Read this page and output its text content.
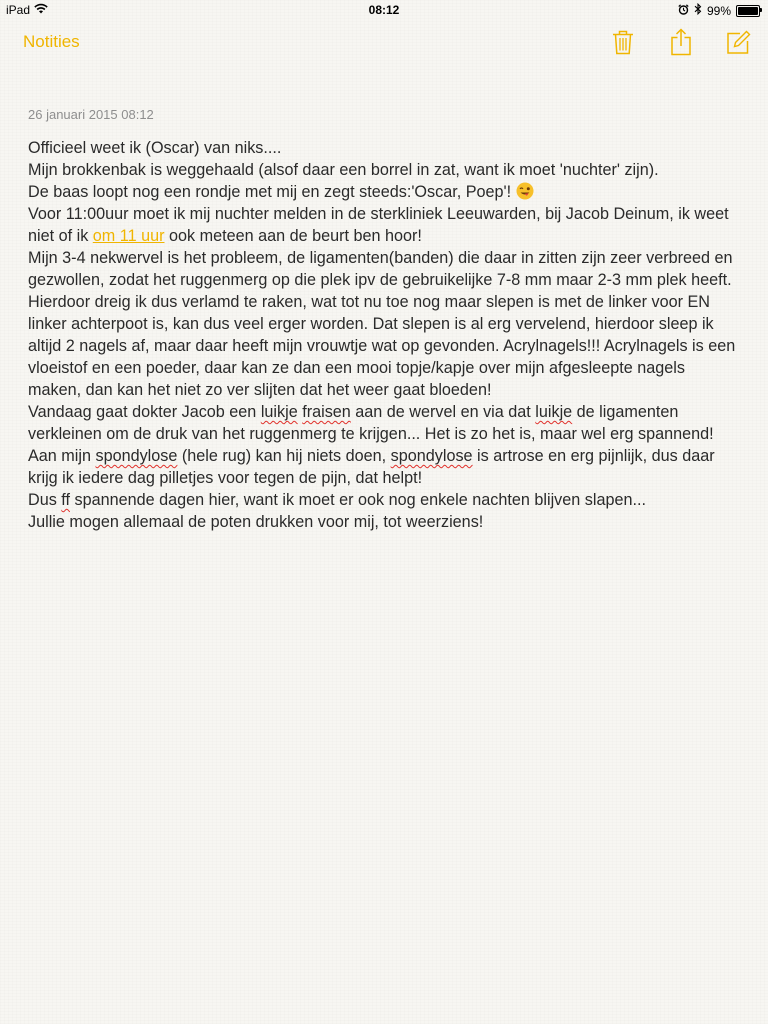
iPad	08:12	99%
Notities
26 januari 2015 08:12

Officieel weet ik (Oscar) van niks....

Mijn brokkenbak is weggehaald (alsof daar een borrel in zat, want ik moet 'nuchter' zijn).

De baas loopt nog een rondje met mij en zegt steeds:'Oscar, Poep'!

Voor 11:00uur moet ik mij nuchter melden in de sterkliniek Leeuwarden, bij Jacob Deinum, ik weet niet of ik om 11 uur ook meteen aan de beurt ben hoor!

Mijn 3-4 nekwervel is het probleem, de ligamenten(banden) die daar in zitten zijn zeer verbreed en gezwollen, zodat het ruggenmerg op die plek ipv de gebruikelijke 7-8 mm maar 2-3 mm plek heeft. Hierdoor dreig ik dus verlamd te raken, wat tot nu toe nog maar slepen is met de linker voor EN linker achterpoot is, kan dus veel erger worden. Dat slepen is al erg vervelend, hierdoor sleep ik altijd 2 nagels af, maar daar heeft mijn vrouwtje wat op gevonden. Acrylnagels!!! Acrylnagels is een vloeistof en een poeder, daar kan ze dan een mooi topje/kapje over mijn afgesleepte nagels maken, dan kan het niet zo ver slijten dat het weer gaat bloeden!

Vandaag gaat dokter Jacob een luikje fraisen aan de wervel en via dat luikje de ligamenten verkleinen om de druk van het ruggenmerg te krijgen... Het is zo het is, maar wel erg spannend!

Aan mijn spondylose (hele rug) kan hij niets doen, spondylose is artrose en erg pijnlijk, dus daar krijg ik iedere dag pilletjes voor tegen de pijn, dat helpt!

Dus ff spannende dagen hier, want ik moet er ook nog enkele nachten blijven slapen...

Jullie mogen allemaal de poten drukken voor mij, tot weerziens!
